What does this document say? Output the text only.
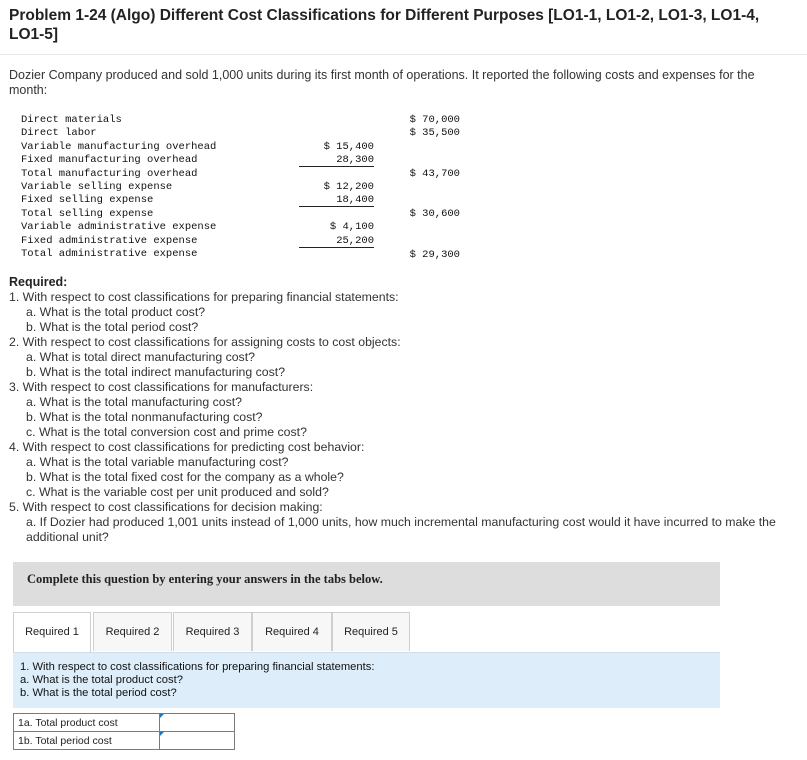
Problem 1-24 (Algo) Different Cost Classifications for Different Purposes [LO1-1, LO1-2, LO1-3, LO1-4, LO1-5]
Dozier Company produced and sold 1,000 units during its first month of operations. It reported the following costs and expenses for the month:
Direct materials	$ 70,000
Direct labor	$ 35,500
Variable manufacturing overhead	$ 15,400
Fixed manufacturing overhead	28,300
Total manufacturing overhead	$ 43,700
Variable selling expense	$ 12,200
Fixed selling expense	18,400
Total selling expense	$ 30,600
Variable administrative expense	$ 4,100
Fixed administrative expense	25,200
Total administrative expense	$ 29,300
Required:

1. With respect to cost classifications for preparing financial statements:

a. What is the total product cost?

b. What is the total period cost?

2. With respect to cost classifications for assigning costs to cost objects:

a. What is total direct manufacturing cost?

b. What is the total indirect manufacturing cost?

3. With respect to cost classifications for manufacturers:

a. What is the total manufacturing cost?

b. What is the total nonmanufacturing cost?

c. What is the total conversion cost and prime cost?

4. With respect to cost classifications for predicting cost behavior:

a. What is the total variable manufacturing cost?

b. What is the total fixed cost for the company as a whole?

c. What is the variable cost per unit produced and sold?

5. With respect to cost classifications for decision making:

a. If Dozier had produced 1,001 units instead of 1,000 units, how much incremental manufacturing cost would it have incurred to make the additional unit?

Complete this question by entering your answers in the tabs below.
Required 1	Required 2	Required 3	Required 4	Required 5
1. With respect to cost classifications for preparing financial statements:
a. What is the total product cost?
b. What is the total period cost?
1a. Total product cost	

1b. Total period cost	
